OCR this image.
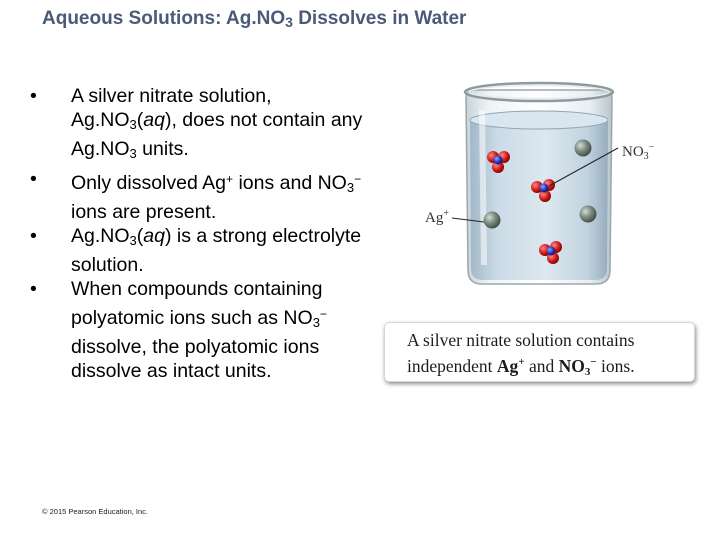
Aqueous Solutions: $Ag.NO_3$ Dissolves in Water
• A silver nitrate solution, $Ag.NO_3(aq)$, does not contain any $Ag.NO_3$ units.
• Only dissolved Ag+ ions and $NO_3^-$ ions are present.
• $Ag.NO_3(aq)$ is a strong electrolyte solution.
• When compounds containing polyatomic ions such as $NO_3^-$ dissolve, the polyatomic ions dissolve as intact units.
Ag+
$NO_3^-$
A silver nitrate solution contains
independent Ag+ and $NO_3^-$ ions.
© 2015 Pearson Education, Inc.
